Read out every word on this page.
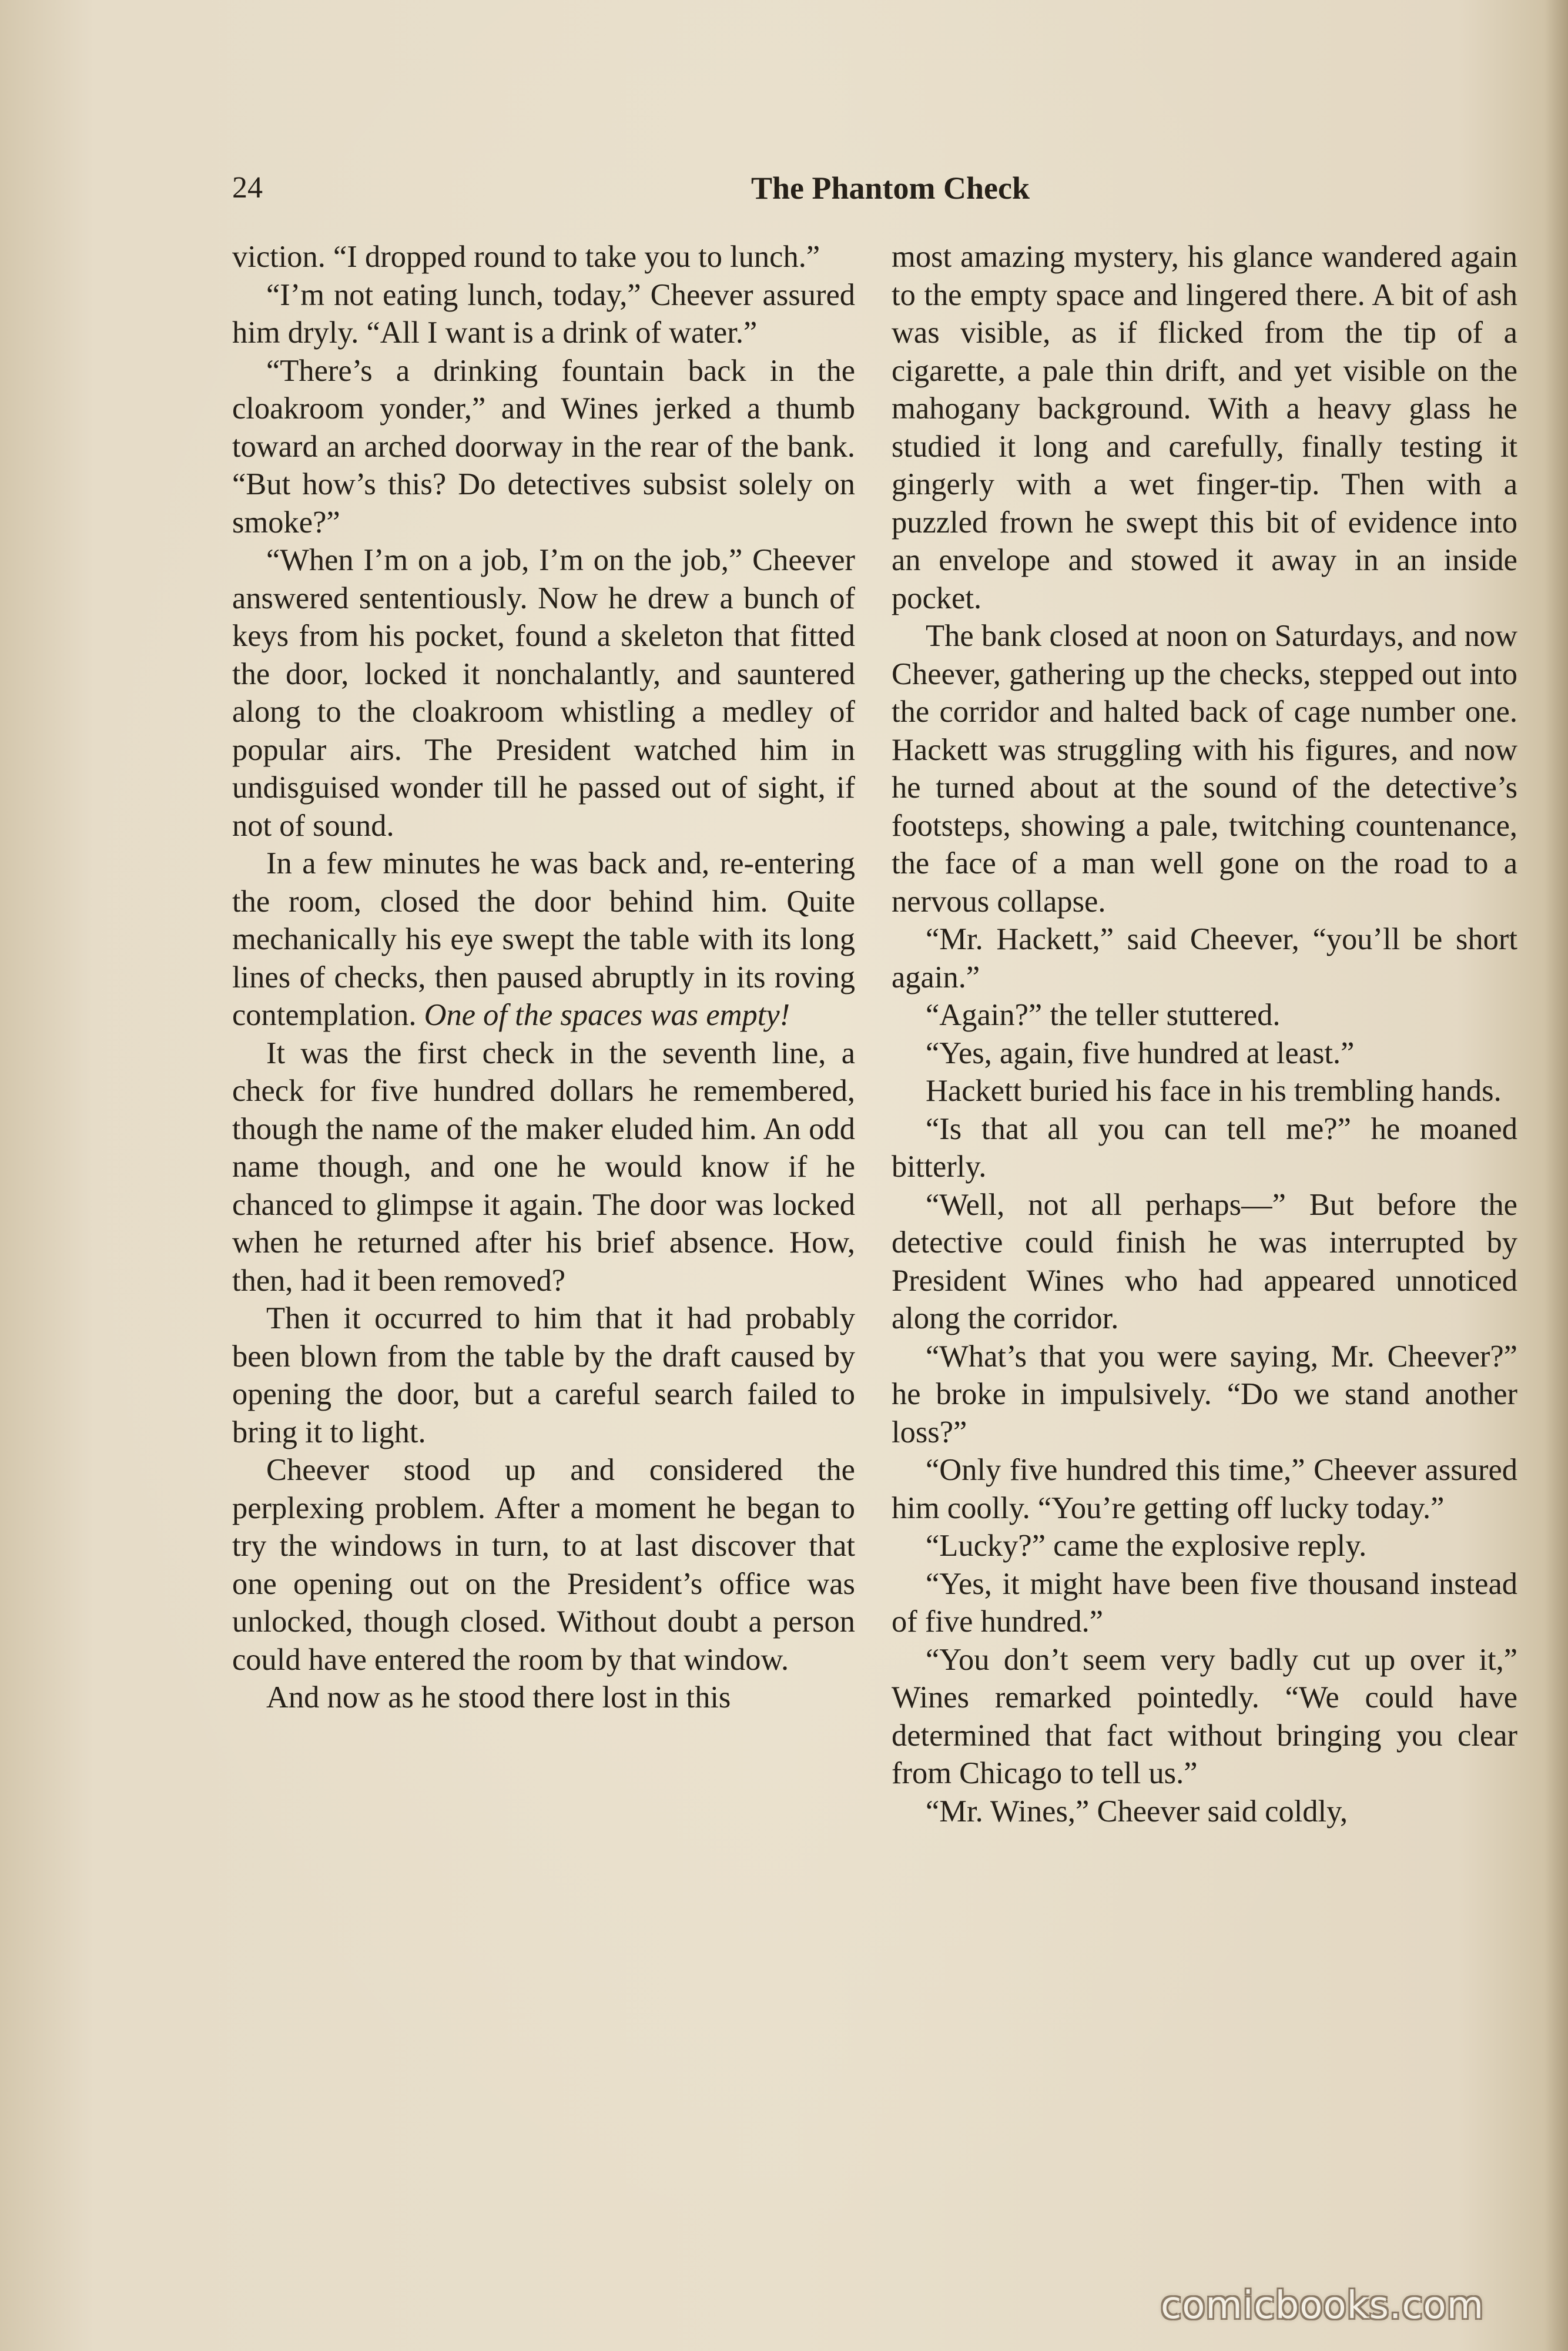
24	The Phantom Check

viction. “I dropped round to take you to lunch.”

“I’m not eating lunch, today,” Cheever assured him dryly. “All I want is a drink of water.”

“There’s a drinking fountain back in the cloakroom yonder,” and Wines jerked a thumb toward an arched doorway in the rear of the bank. “But how’s this? Do detectives subsist solely on smoke?”

“When I’m on a job, I’m on the job,” Cheever answered sententiously. Now he drew a bunch of keys from his pocket, found a skeleton that fitted the door, locked it nonchalantly, and sauntered along to the cloakroom whistling a medley of popular airs. The President watched him in undisguised wonder till he passed out of sight, if not of sound.

In a few minutes he was back and, re-entering the room, closed the door behind him. Quite mechanically his eye swept the table with its long lines of checks, then paused abruptly in its roving contemplation. One of the spaces was empty!

It was the first check in the seventh line, a check for five hundred dollars he remembered, though the name of the maker eluded him. An odd name though, and one he would know if he chanced to glimpse it again. The door was locked when he returned after his brief absence. How, then, had it been removed?

Then it occurred to him that it had probably been blown from the table by the draft caused by opening the door, but a careful search failed to bring it to light.

Cheever stood up and considered the perplexing problem. After a moment he began to try the windows in turn, to at last discover that one opening out on the President’s office was unlocked, though closed. Without doubt a person could have entered the room by that window.

And now as he stood there lost in this

most amazing mystery, his glance wandered again to the empty space and lingered there. A bit of ash was visible, as if flicked from the tip of a cigarette, a pale thin drift, and yet visible on the mahogany background. With a heavy glass he studied it long and carefully, finally testing it gingerly with a wet finger-tip. Then with a puzzled frown he swept this bit of evidence into an envelope and stowed it away in an inside pocket.

The bank closed at noon on Saturdays, and now Cheever, gathering up the checks, stepped out into the corridor and halted back of cage number one. Hackett was struggling with his figures, and now he turned about at the sound of the detective’s footsteps, showing a pale, twitching countenance, the face of a man well gone on the road to a nervous collapse.

“Mr. Hackett,” said Cheever, “you’ll be short again.”

“Again?” the teller stuttered.

“Yes, again, five hundred at least.”

Hackett buried his face in his trembling hands.

“Is that all you can tell me?” he moaned bitterly.

“Well, not all perhaps—” But before the detective could finish he was interrupted by President Wines who had appeared unnoticed along the corridor.

“What’s that you were saying, Mr. Cheever?” he broke in impulsively. “Do we stand another loss?”

“Only five hundred this time,” Cheever assured him coolly. “You’re getting off lucky today.”

“Lucky?” came the explosive reply.

“Yes, it might have been five thousand instead of five hundred.”

“You don’t seem very badly cut up over it,” Wines remarked pointedly. “We could have determined that fact without bringing you clear from Chicago to tell us.”

“Mr. Wines,” Cheever said coldly,

comicbooks.com
